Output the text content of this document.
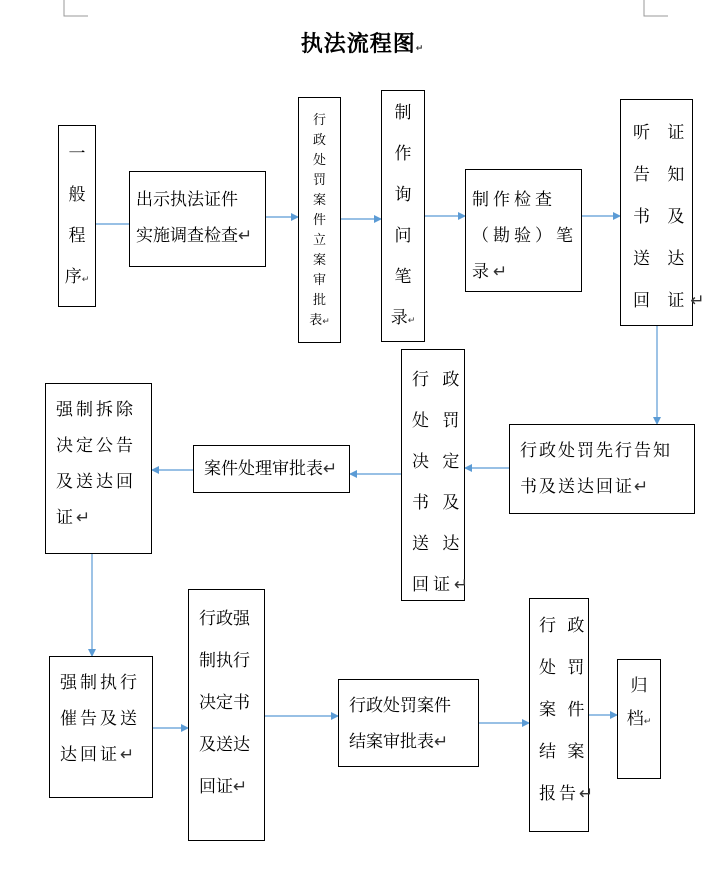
执法流程图↵
一
般
程
序↵
出示执法证件
实施调查检查↵
行
政
处
罚
案
件
立
案
审
批
表↵
制
作
询
问
笔
录↵
制作检查
（勘验）笔
录↵
听 证
告 知
书 及
送 达
回 证↵
强制拆除
决定公告
及送达回
证↵
案件处理审批表↵
行 政
处 罚
决 定
书 及
送 达
回证↵
行政处罚先行告知
书及送达回证↵
强制执行
催告及送
达回证↵
行政强
制执行
决定书
及送达
回证↵
行政处罚案件
结案审批表↵
行 政
处 罚
案 件
结 案
报告↵
归
档↵
